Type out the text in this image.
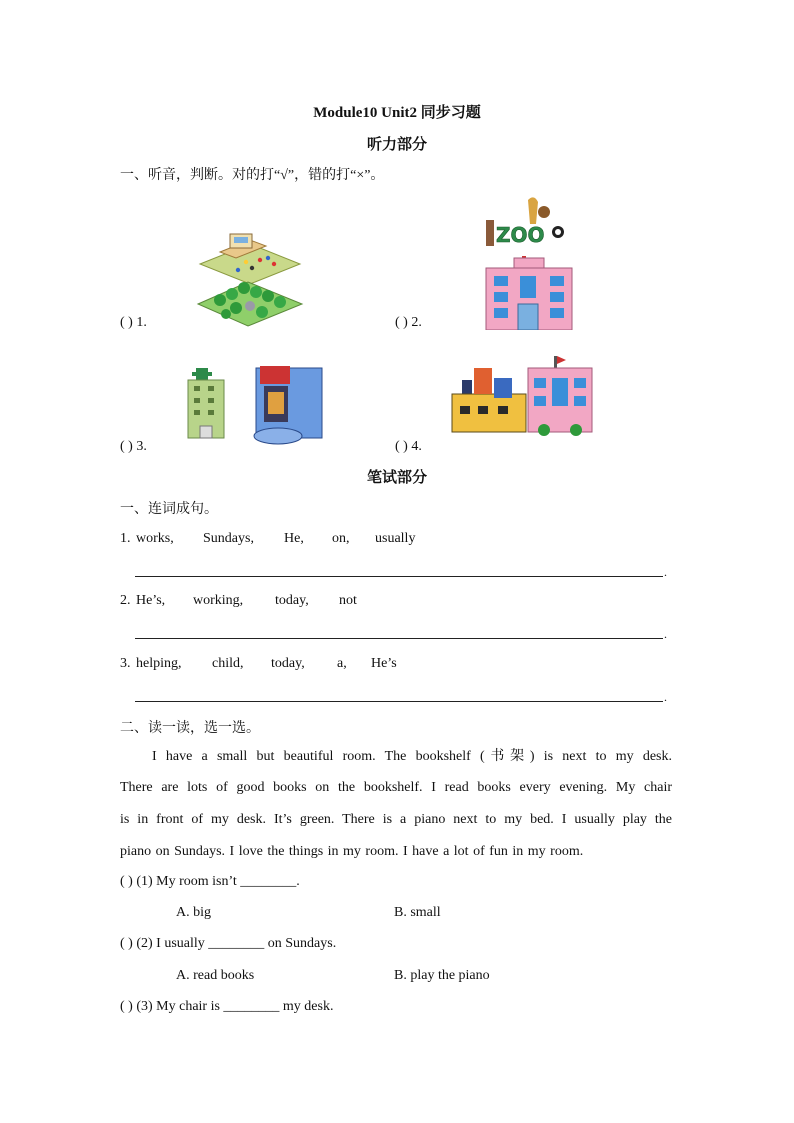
Module10 Unit2 同步习题
听力部分
一、听音，判断。对的打“√”，错的打“×”。
ZOO
( ) 1.	( ) 2.
( ) 3.	( ) 4.
笔试部分
一、连词成句。
1. works, Sundays, He, on, usually
.
2. He’s, working, today, not
.
3. helping, child, today, a, He’s
.
二、读一读，选一选。
I have a small but beautiful room. The bookshelf (书架) is next to my desk.
There are lots of good books on the bookshelf. I read books every evening. My chair
is in front of my desk. It’s green. There is a piano next to my bed. I usually play the
piano on Sundays. I love the things in my room. I have a lot of fun in my room.
( ) (1) My room isn’t ________.
A. big	B. small
( ) (2) I usually ________ on Sundays.
A. read books	B. play the piano
( ) (3) My chair is ________ my desk.
